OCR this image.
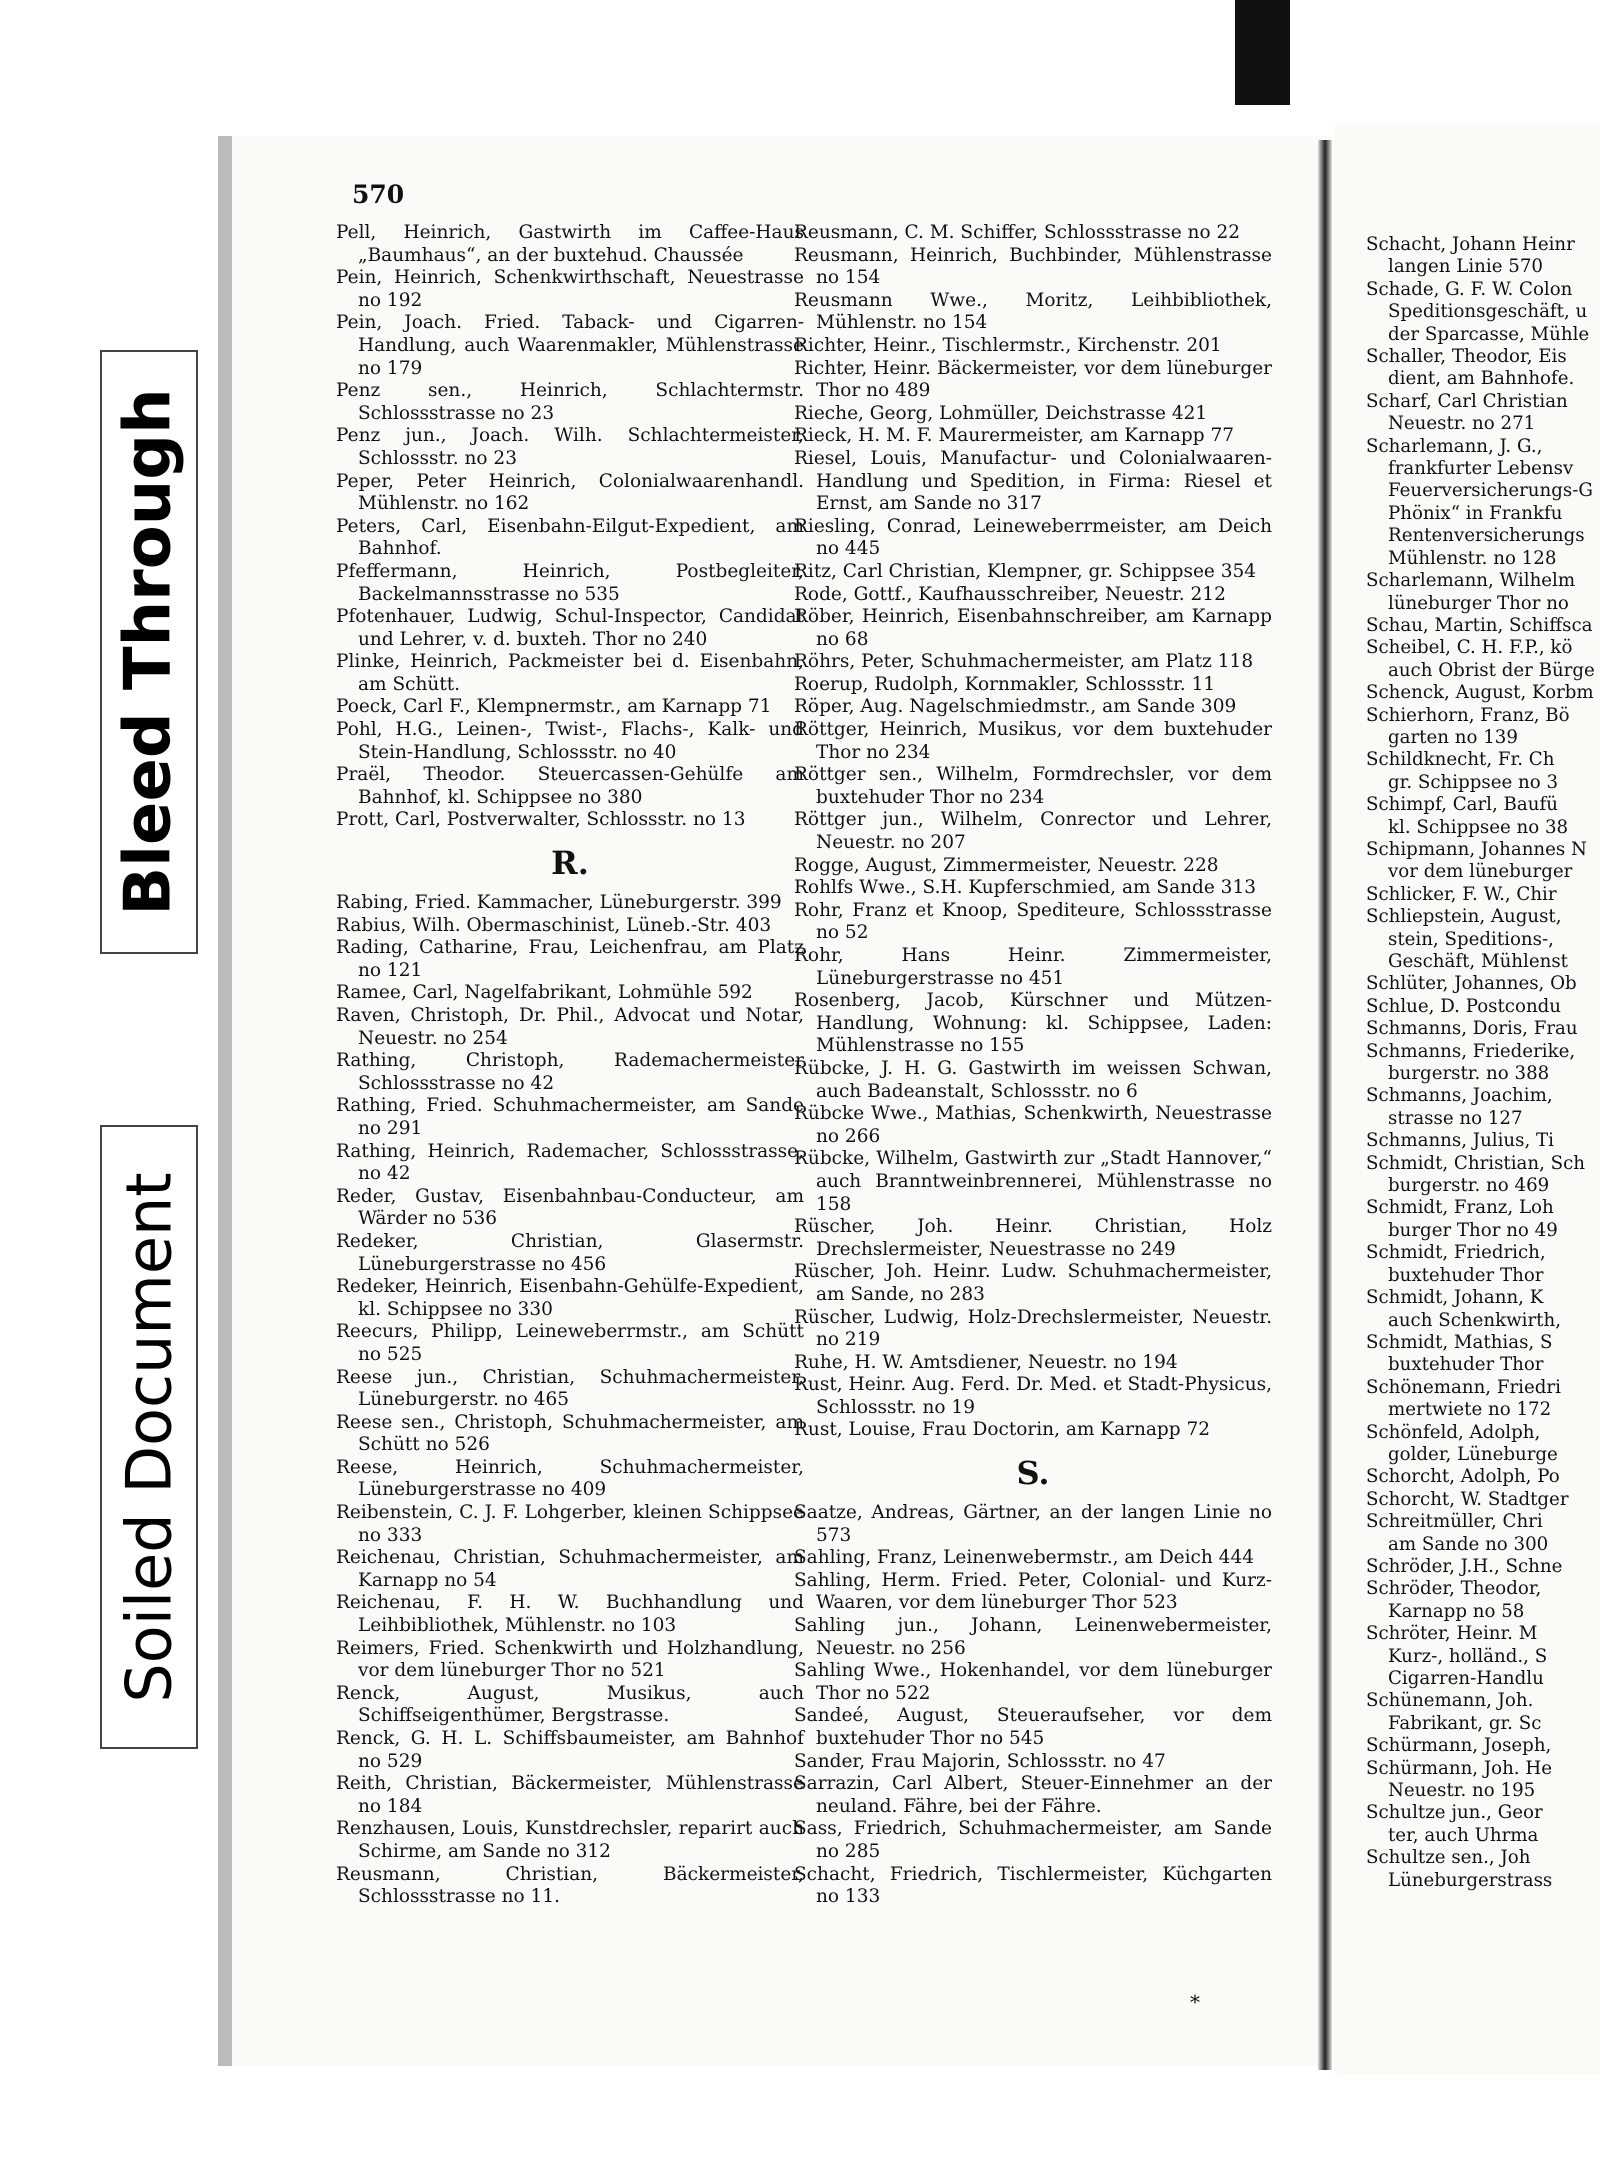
Bleed Through
Soiled Document
570

Pell, Heinrich, Gastwirth im Caffee-Haus „Baumhaus“, an der buxtehud. Chaussée

Pein, Heinrich, Schenkwirthschaft, Neuestrasse no 192

Pein, Joach. Fried. Taback- und Cigarren-Handlung, auch Waarenmakler, Mühlenstrasse no 179

Penz sen., Heinrich, Schlachtermstr. Schlossstrasse no 23

Penz jun., Joach. Wilh. Schlachtermeister, Schlossstr. no 23

Peper, Peter Heinrich, Colonialwaarenhandl. Mühlenstr. no 162

Peters, Carl, Eisenbahn-Eilgut-Expedient, am Bahnhof.

Pfeffermann, Heinrich, Postbegleiter, Backelmannsstrasse no 535

Pfotenhauer, Ludwig, Schul-Inspector, Candidat und Lehrer, v. d. buxteh. Thor no 240

Plinke, Heinrich, Packmeister bei d. Eisenbahn, am Schütt.

Poeck, Carl F., Klempnermstr., am Karnapp 71

Pohl, H.G., Leinen-, Twist-, Flachs-, Kalk- und Stein-Handlung, Schlossstr. no 40

Praël, Theodor. Steuercassen-Gehülfe am Bahnhof, kl. Schippsee no 380

Prott, Carl, Postverwalter, Schlossstr. no 13

R.

Rabing, Fried. Kammacher, Lüneburgerstr. 399

Rabius, Wilh. Obermaschinist, Lüneb.-Str. 403

Rading, Catharine, Frau, Leichenfrau, am Platz no 121

Ramee, Carl, Nagelfabrikant, Lohmühle 592

Raven, Christoph, Dr. Phil., Advocat und Notar, Neuestr. no 254

Rathing, Christoph, Rademachermeister Schlossstrasse no 42

Rathing, Fried. Schuhmachermeister, am Sande no 291

Rathing, Heinrich, Rademacher, Schlossstrasse, no 42

Reder, Gustav, Eisenbahnbau-Conducteur, am Wärder no 536

Redeker, Christian, Glasermstr. Lüneburgerstrasse no 456

Redeker, Heinrich, Eisenbahn-Gehülfe-Expedient, kl. Schippsee no 330

Reecurs, Philipp, Leineweberrmstr., am Schütt no 525

Reese jun., Christian, Schuhmachermeister, Lüneburgerstr. no 465

Reese sen., Christoph, Schuhmachermeister, am Schütt no 526

Reese, Heinrich, Schuhmachermeister, Lüneburgerstrasse no 409

Reibenstein, C. J. F. Lohgerber, kleinen Schippsee no 333

Reichenau, Christian, Schuhmachermeister, am Karnapp no 54

Reichenau, F. H. W. Buchhandlung und Leihbibliothek, Mühlenstr. no 103

Reimers, Fried. Schenkwirth und Holzhandlung, vor dem lüneburger Thor no 521

Renck, August, Musikus, auch Schiffseigenthümer, Bergstrasse.

Renck, G. H. L. Schiffsbaumeister, am Bahnhof no 529

Reith, Christian, Bäckermeister, Mühlenstrasse no 184

Renzhausen, Louis, Kunstdrechsler, reparirt auch Schirme, am Sande no 312

Reusmann, Christian, Bäckermeister, Schlossstrasse no 11.

Reusmann, C. M. Schiffer, Schlossstrasse no 22

Reusmann, Heinrich, Buchbinder, Mühlenstrasse no 154

Reusmann Wwe., Moritz, Leihbibliothek, Mühlenstr. no 154

Richter, Heinr., Tischlermstr., Kirchenstr. 201

Richter, Heinr. Bäckermeister, vor dem lüneburger Thor no 489

Rieche, Georg, Lohmüller, Deichstrasse 421

Rieck, H. M. F. Maurermeister, am Karnapp 77

Riesel, Louis, Manufactur- und Colonialwaaren-Handlung und Spedition, in Firma: Riesel et Ernst, am Sande no 317

Riesling, Conrad, Leineweberrmeister, am Deich no 445

Ritz, Carl Christian, Klempner, gr. Schippsee 354

Rode, Gottf., Kaufhausschreiber, Neuestr. 212

Röber, Heinrich, Eisenbahnschreiber, am Karnapp no 68

Röhrs, Peter, Schuhmachermeister, am Platz 118

Roerup, Rudolph, Kornmakler, Schlossstr. 11

Röper, Aug. Nagelschmiedmstr., am Sande 309

Röttger, Heinrich, Musikus, vor dem buxtehuder Thor no 234

Röttger sen., Wilhelm, Formdrechsler, vor dem buxtehuder Thor no 234

Röttger jun., Wilhelm, Conrector und Lehrer, Neuestr. no 207

Rogge, August, Zimmermeister, Neuestr. 228

Rohlfs Wwe., S.H. Kupferschmied, am Sande 313

Rohr, Franz et Knoop, Spediteure, Schlossstrasse no 52

Rohr, Hans Heinr. Zimmermeister, Lüneburgerstrasse no 451

Rosenberg, Jacob, Kürschner und Mützen-Handlung, Wohnung: kl. Schippsee, Laden: Mühlenstrasse no 155

Rübcke, J. H. G. Gastwirth im weissen Schwan, auch Badeanstalt, Schlossstr. no 6

Rübcke Wwe., Mathias, Schenkwirth, Neuestrasse no 266

Rübcke, Wilhelm, Gastwirth zur „Stadt Hannover,“ auch Branntweinbrennerei, Mühlenstrasse no 158

Rüscher, Joh. Heinr. Christian, Holz Drechslermeister, Neuestrasse no 249

Rüscher, Joh. Heinr. Ludw. Schuhmachermeister, am Sande, no 283

Rüscher, Ludwig, Holz-Drechslermeister, Neuestr. no 219

Ruhe, H. W. Amtsdiener, Neuestr. no 194

Rust, Heinr. Aug. Ferd. Dr. Med. et Stadt-Physicus, Schlossstr. no 19

Rust, Louise, Frau Doctorin, am Karnapp 72

S.

Saatze, Andreas, Gärtner, an der langen Linie no 573

Sahling, Franz, Leinenwebermstr., am Deich 444

Sahling, Herm. Fried. Peter, Colonial- und Kurz-Waaren, vor dem lüneburger Thor 523

Sahling jun., Johann, Leinenwebermeister, Neuestr. no 256

Sahling Wwe., Hokenhandel, vor dem lüneburger Thor no 522

Sandeé, August, Steueraufseher, vor dem buxtehuder Thor no 545

Sander, Frau Majorin, Schlossstr. no 47

Sarrazin, Carl Albert, Steuer-Einnehmer an der neuland. Fähre, bei der Fähre.

Sass, Friedrich, Schuhmachermeister, am Sande no 285

Schacht, Friedrich, Tischlermeister, Küchgarten no 133

Schacht, Johann Heinr

langen Linie 570

Schade, G. F. W. Colon

Speditionsgeschäft, u

der Sparcasse, Mühle

Schaller, Theodor, Eis

dient, am Bahnhofe.

Scharf, Carl Christian

Neuestr. no 271

Scharlemann, J. G.,

frankfurter Lebensv

Feuerversicherungs-G

Phönix“ in Frankfu

Rentenversicherungs

Mühlenstr. no 128

Scharlemann, Wilhelm

lüneburger Thor no

Schau, Martin, Schiffsca

Scheibel, C. H. F.P., kö

auch Obrist der Bürge

Schenck, August, Korbm

Schierhorn, Franz, Bö

garten no 139

Schildknecht, Fr. Ch

gr. Schippsee no 3

Schimpf, Carl, Baufü

kl. Schippsee no 38

Schipmann, Johannes N

vor dem lüneburger

Schlicker, F. W., Chir

Schliepstein, August,

stein, Speditions-,

Geschäft, Mühlenst

Schlüter, Johannes, Ob

Schlue, D. Postcondu

Schmanns, Doris, Frau

Schmanns, Friederike,

burgerstr. no 388

Schmanns, Joachim,

strasse no 127

Schmanns, Julius, Ti

Schmidt, Christian, Sch

burgerstr. no 469

Schmidt, Franz, Loh

burger Thor no 49

Schmidt, Friedrich,

buxtehuder Thor

Schmidt, Johann, K

auch Schenkwirth,

Schmidt, Mathias, S

buxtehuder Thor

Schönemann, Friedri

mertwiete no 172

Schönfeld, Adolph,

golder, Lüneburge

Schorcht, Adolph, Po

Schorcht, W. Stadtger

Schreitmüller, Chri

am Sande no 300

Schröder, J.H., Schne

Schröder, Theodor,

Karnapp no 58

Schröter, Heinr. M

Kurz-, holländ., S

Cigarren-Handlu

Schünemann, Joh.

Fabrikant, gr. Sc

Schürmann, Joseph,

Schürmann, Joh. He

Neuestr. no 195

Schultze jun., Geor

ter, auch Uhrma

Schultze sen., Joh

Lüneburgerstrass

*
